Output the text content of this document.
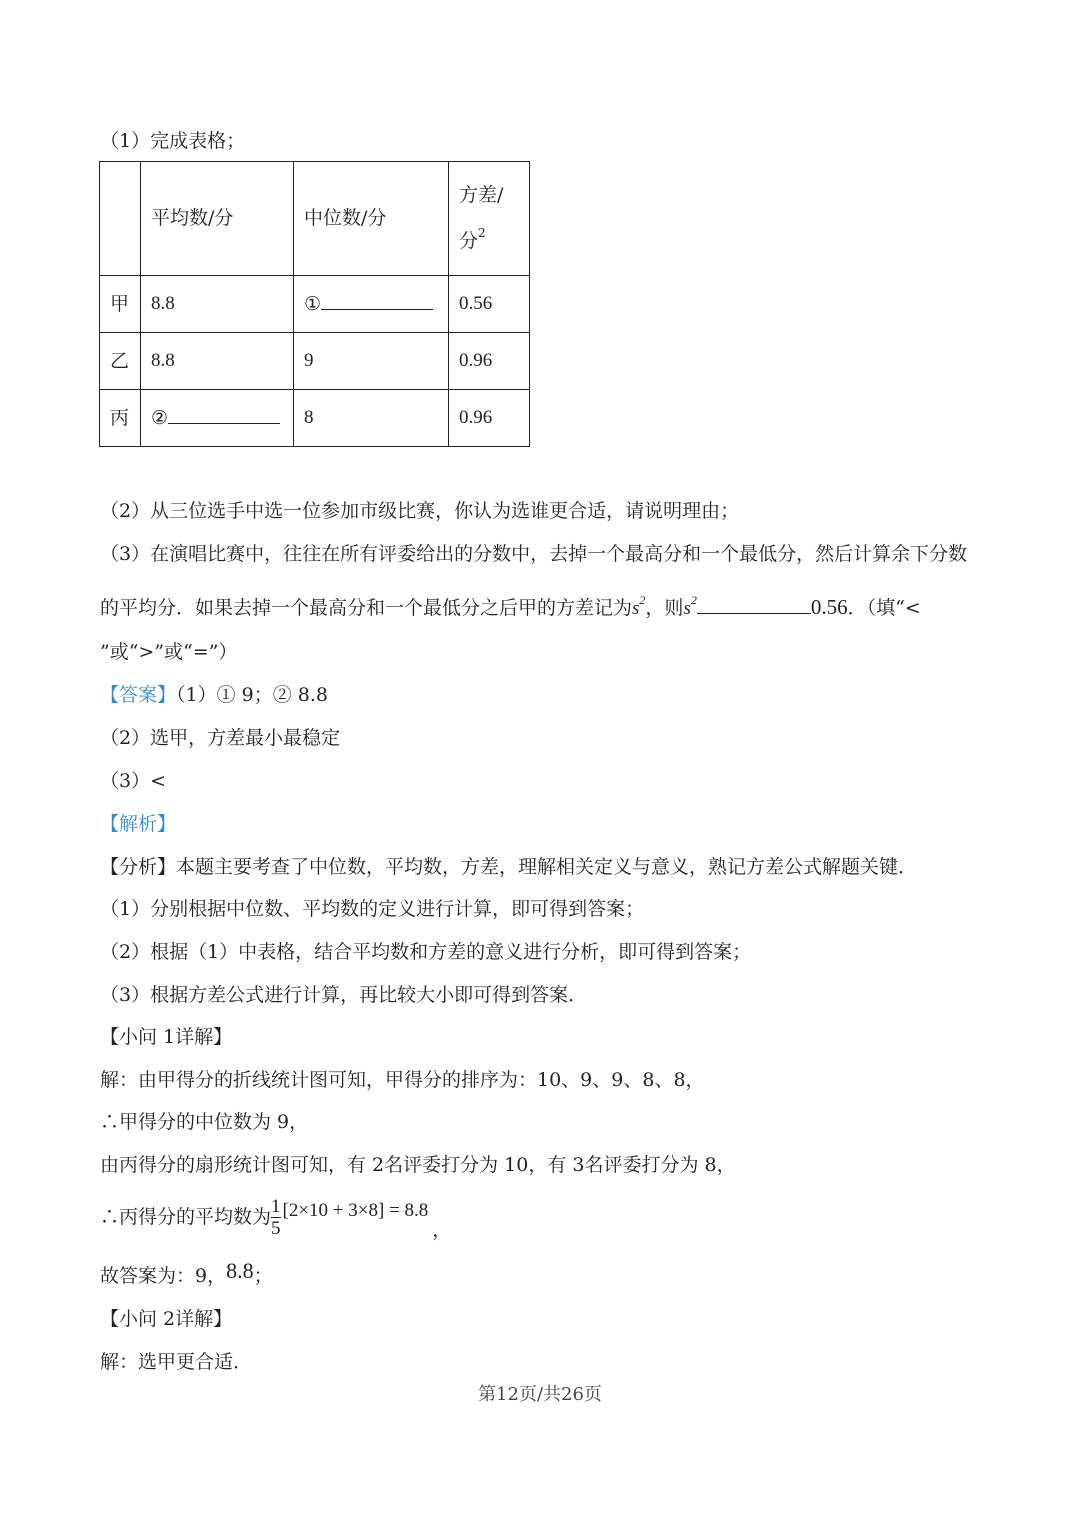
（1）完成表格；
	平均数/分	中位数/分	方差/
分$^2$
甲	8.8	①	0.56
乙	8.8	9	0.96
丙	②	8	0.96
（2）从三位选手中选一位参加市级比赛，你认为选谁更合适，请说明理由；
（3）在演唱比赛中，往往在所有评委给出的分数中，去掉一个最高分和一个最低分，然后计算余下分数
的平均分．如果去掉一个最高分和一个最低分之后甲的方差记为$s^2$，则$s^2$	0.56．（填“<
”或“>”或“=”）
【答案】（1）① 9；② 8.8
（2）选甲，方差最小最稳定
（3）<
【解析】
【分析】本题主要考查了中位数，平均数，方差，理解相关定义与意义，熟记方差公式解题关键．
（1）分别根据中位数、平均数的定义进行计算，即可得到答案；
（2）根据（1）中表格，结合平均数和方差的意义进行分析，即可得到答案；
（3）根据方差公式进行计算，再比较大小即可得到答案．
【小问 1详解】
解：由甲得分的折线统计图可知，甲得分的排序为：10、9、9、8、8，
∴甲得分的中位数为 9，
由丙得分的扇形统计图可知，有 2名评委打分为 10，有 3名评委打分为 8，
∴丙得分的平均数为 $\frac{1}{5} [2\times 10 + 3\times 8] = 8.8$
，
故答案为：9，8.8；
【小问 2详解】
解：选甲更合适．
第12页/共26页
